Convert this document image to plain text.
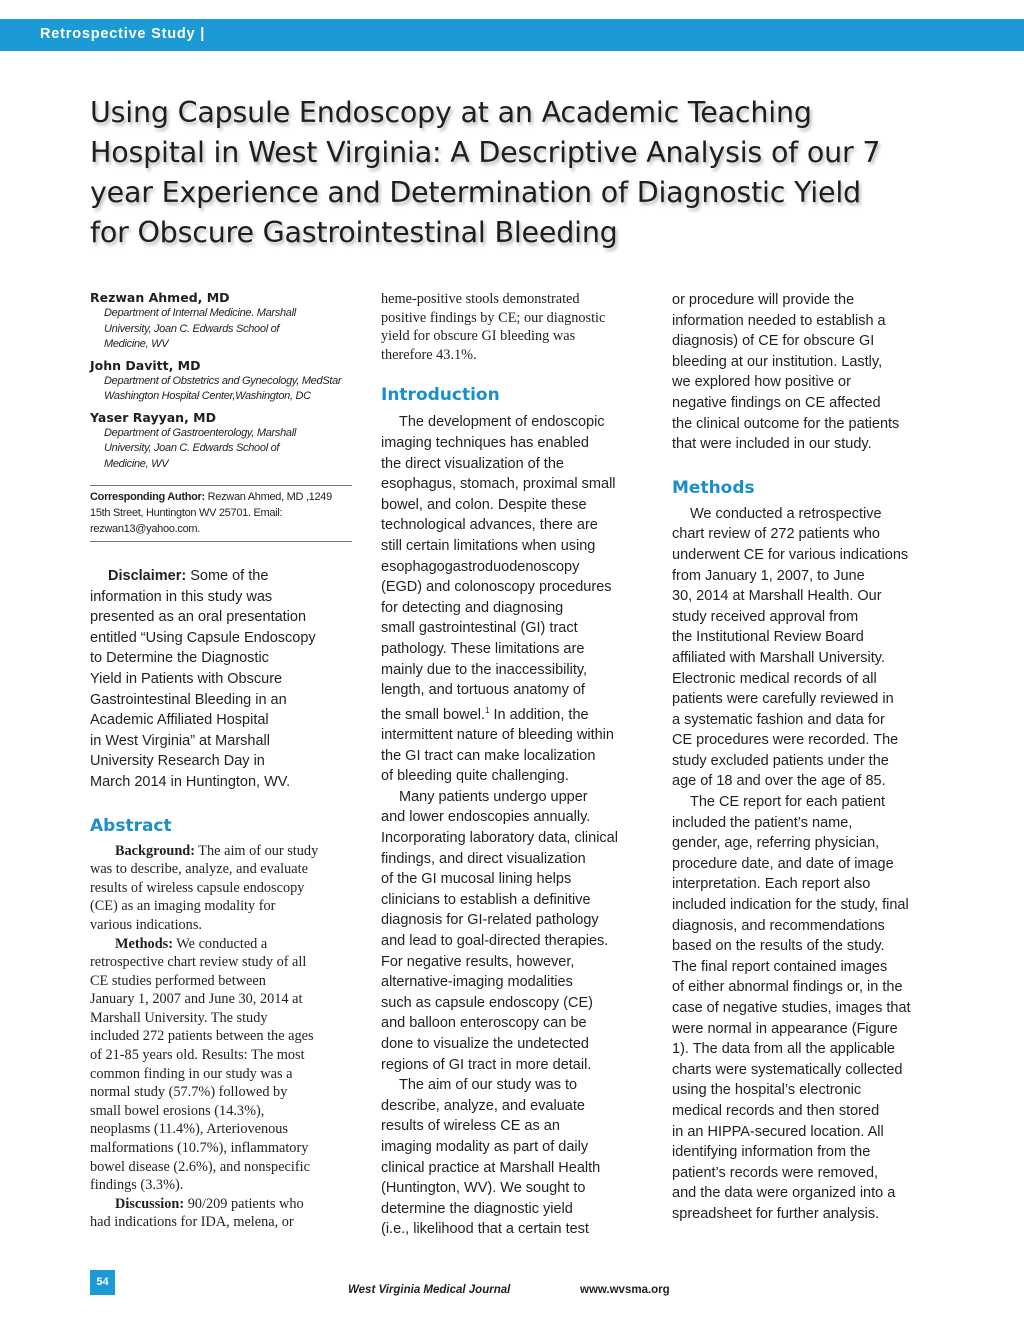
Retrospective Study |
Using Capsule Endoscopy at an Academic Teaching
Hospital in West Virginia: A Descriptive Analysis of our 7
year Experience and Determination of Diagnostic Yield
for Obscure Gastrointestinal Bleeding

Rezwan Ahmed, MD

Department of Internal Medicine. Marshall
University, Joan C. Edwards School of
Medicine, WV

John Davitt, MD

Department of Obstetrics and Gynecology, MedStar
Washington Hospital Center,Washington, DC

Yaser Rayyan, MD

Department of Gastroenterology, Marshall
University, Joan C. Edwards School of
Medicine, WV
Corresponding Author: Rezwan Ahmed, MD ,1249
15th Street, Huntington WV 25701. Email:
rezwan13@yahoo.com.

Disclaimer: Some of the

information in this study was

presented as an oral presentation

entitled “Using Capsule Endoscopy

to Determine the Diagnostic

Yield in Patients with Obscure

Gastrointestinal Bleeding in an

Academic Affiliated Hospital

in West Virginia” at Marshall

University Research Day in

March 2014 in Huntington, WV.

Abstract

Background: The aim of our study

was to describe, analyze, and evaluate

results of wireless capsule endoscopy

(CE) as an imaging modality for

various indications.

Methods: We conducted a

retrospective chart review study of all

CE studies performed between

January 1, 2007 and June 30, 2014 at

Marshall University. The study

included 272 patients between the ages

of 21-85 years old. Results: The most

common finding in our study was a

normal study (57.7%) followed by

small bowel erosions (14.3%),

neoplasms (11.4%), Arteriovenous

malformations (10.7%), inflammatory

bowel disease (2.6%), and nonspecific

findings (3.3%).

Discussion: 90/209 patients who

had indications for IDA, melena, or

heme-positive stools demonstrated

positive findings by CE; our diagnostic

yield for obscure GI bleeding was

therefore 43.1%.

Introduction

The development of endoscopic

imaging techniques has enabled

the direct visualization of the

esophagus, stomach, proximal small

bowel, and colon. Despite these

technological advances, there are

still certain limitations when using

esophagogastroduodenoscopy

(EGD) and colonoscopy procedures

for detecting and diagnosing

small gastrointestinal (GI) tract

pathology. These limitations are

mainly due to the inaccessibility,

length, and tortuous anatomy of

the small bowel.$^1$ In addition, the

intermittent nature of bleeding within

the GI tract can make localization

of bleeding quite challenging.

Many patients undergo upper

and lower endoscopies annually.

Incorporating laboratory data, clinical

findings, and direct visualization

of the GI mucosal lining helps

clinicians to establish a definitive

diagnosis for GI-related pathology

and lead to goal-directed therapies.

For negative results, however,

alternative-imaging modalities

such as capsule endoscopy (CE)

and balloon enteroscopy can be

done to visualize the undetected

regions of GI tract in more detail.

The aim of our study was to

describe, analyze, and evaluate

results of wireless CE as an

imaging modality as part of daily

clinical practice at Marshall Health

(Huntington, WV). We sought to

determine the diagnostic yield

(i.e., likelihood that a certain test

or procedure will provide the

information needed to establish a

diagnosis) of CE for obscure GI

bleeding at our institution. Lastly,

we explored how positive or

negative findings on CE affected

the clinical outcome for the patients

that were included in our study.

Methods

We conducted a retrospective

chart review of 272 patients who

underwent CE for various indications

from January 1, 2007, to June

30, 2014 at Marshall Health. Our

study received approval from

the Institutional Review Board

affiliated with Marshall University.

Electronic medical records of all

patients were carefully reviewed in

a systematic fashion and data for

CE procedures were recorded. The

study excluded patients under the

age of 18 and over the age of 85.

The CE report for each patient

included the patient’s name,

gender, age, referring physician,

procedure date, and date of image

interpretation. Each report also

included indication for the study, final

diagnosis, and recommendations

based on the results of the study.

The final report contained images

of either abnormal findings or, in the

case of negative studies, images that

were normal in appearance (Figure

1). The data from all the applicable

charts were systematically collected

using the hospital’s electronic

medical records and then stored

in an HIPPA-secured location. All

identifying information from the

patient’s records were removed,

and the data were organized into a

spreadsheet for further analysis.

54
West Virginia Medical Journal	www.wvsma.org
